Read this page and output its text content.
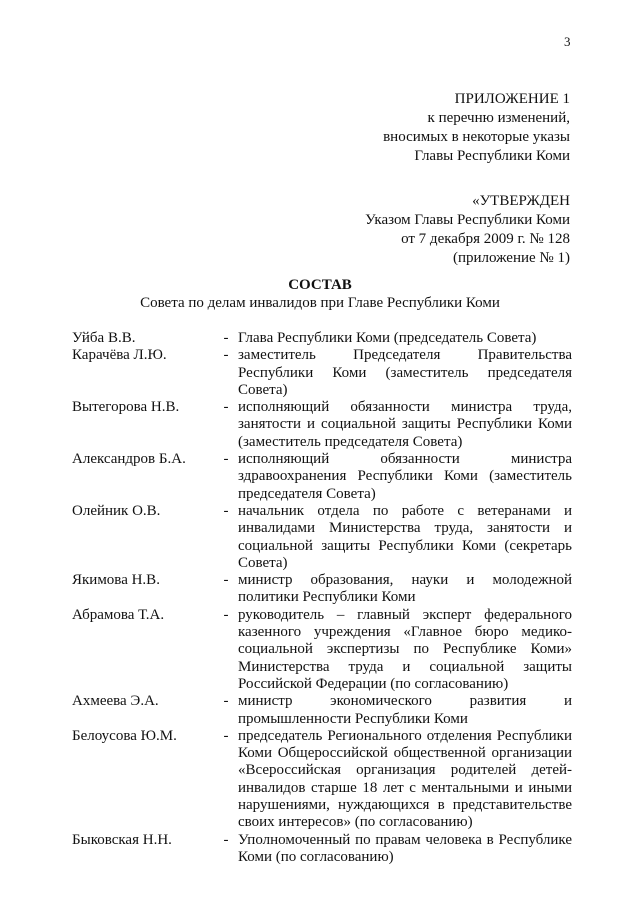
3
ПРИЛОЖЕНИЕ 1
к перечню изменений,
вносимых в некоторые указы
Главы Республики Коми
«УТВЕРЖДЕН
Указом Главы Республики Коми
от 7 декабря 2009 г. № 128
(приложение № 1)
СОСТАВ
Совета по делам инвалидов при Главе Республики Коми
Уйба В.В.	- Глава Республики Коми (председатель Совета)
Карачёва Л.Ю.	- заместитель Председателя Правительства Республики Коми (заместитель председателя Совета)
Вытегорова Н.В.	- исполняющий обязанности министра труда, занятости и социальной защиты Республики Коми (заместитель председателя Совета)
Александров Б.А.	- исполняющий обязанности министра здравоохранения Республики Коми (заместитель председателя Совета)
Олейник О.В.	- начальник отдела по работе с ветеранами и инвалидами Министерства труда, занятости и социальной защиты Республики Коми (секретарь Совета)
Якимова Н.В.	- министр образования, науки и молодежной политики Республики Коми
Абрамова Т.А.	- руководитель – главный эксперт федерального казенного учреждения «Главное бюро медико-социальной экспертизы по Республике Коми» Министерства труда и социальной защиты Российской Федерации (по согласованию)
Ахмеева Э.А.	- министр экономического развития и промышленности Республики Коми
Белоусова Ю.М.	- председатель Регионального отделения Республики Коми Общероссийской общественной организации «Всероссийская организация родителей детей-инвалидов старше 18 лет с ментальными и иными нарушениями, нуждающихся в представительстве своих интересов» (по согласованию)
Быковская Н.Н.	- Уполномоченный по правам человека в Республике Коми (по согласованию)
